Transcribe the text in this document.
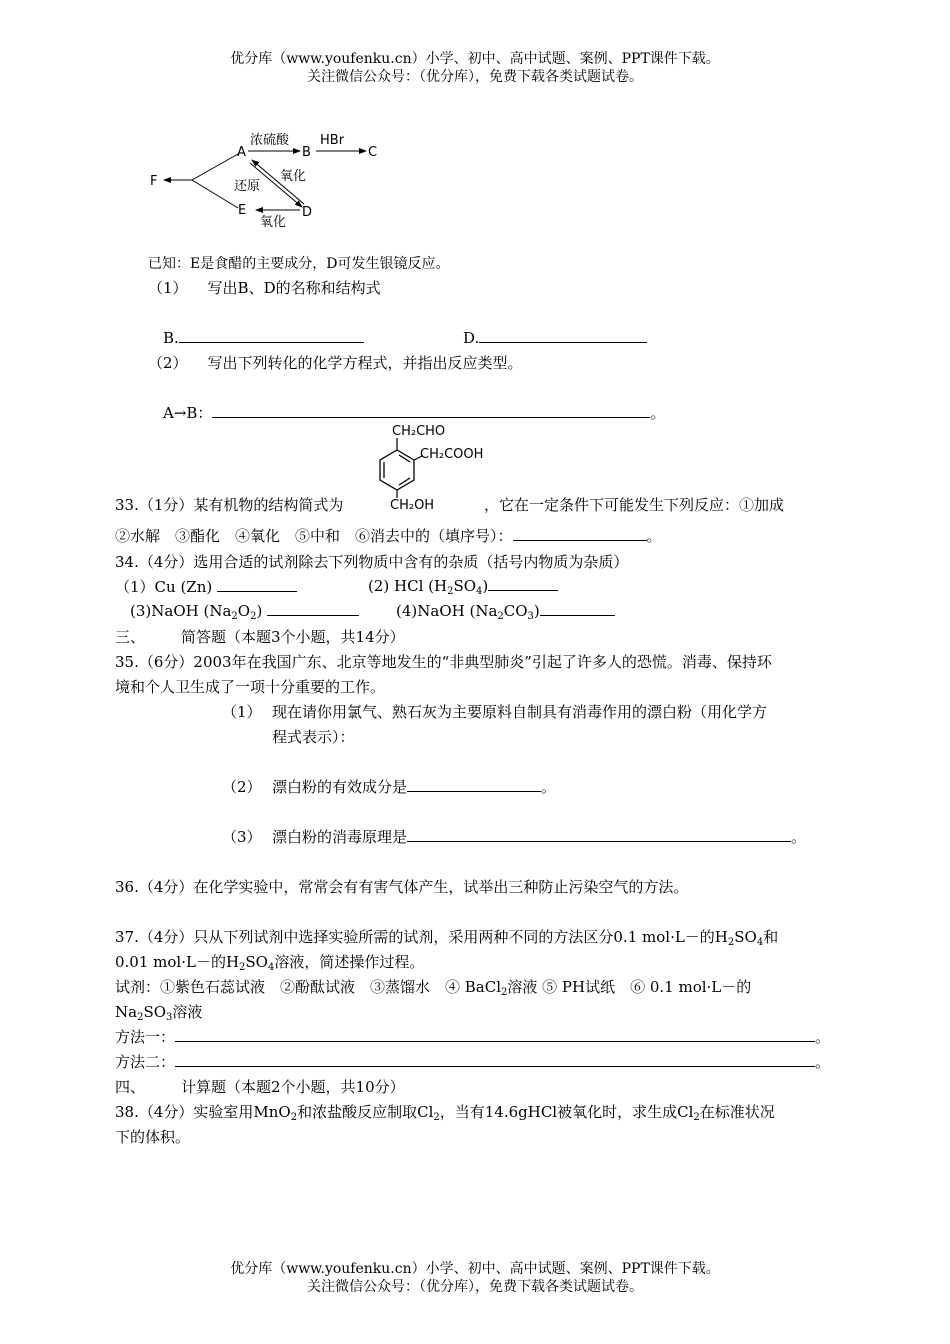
优分库（www.youfenku.cn）小学、初中、高中试题、案例、PPT课件下载。
关注微信公众号：（优分库），免费下载各类试题试卷。
A	B	C
D
E
F
浓硫酸 HBr
还原
氧化
氧化
已知：E是食醋的主要成分，D可发生银镜反应。
（1） 写出B、D的名称和结构式
B.	D.
（2） 写出下列转化的化学方程式，并指出反应类型。
A→B：	。
CH₂CHO
CH₂COOH
CH₂OH
33.（1分）某有机物的结构简式为	，它在一定条件下可能发生下列反应：①加成
②水解　③酯化　④氧化　⑤中和　⑥消去中的（填序号）：	。
34.（4分）选用合适的试剂除去下列物质中含有的杂质（括号内物质为杂质）
（1）Cu (Zn)	(2) HCl $(H_2SO_4)$
(3)NaOH $(Na_2O_2)$	(4)NaOH $(Na_2CO_3)$
三、 简答题（本题3个小题，共14分）
35.（6分）2003年在我国广东、北京等地发生的“非典型肺炎”引起了许多人的恐慌。消毒、保持环
境和个人卫生成了一项十分重要的工作。
（1） 现在请你用氯气、熟石灰为主要原料自制具有消毒作用的漂白粉（用化学方
程式表示）：
（2） 漂白粉的有效成分是	。
（3） 漂白粉的消毒原理是	。
36.（4分）在化学实验中，常常会有有害气体产生，试举出三种防止污染空气的方法。
37.（4分）只从下列试剂中选择实验所需的试剂，采用两种不同的方法区分0.1 mol·L－的$H_2SO_4$和
0.01 mol·L－的$H_2SO_4$溶液，简述操作过程。
试剂：①紫色石蕊试液　②酚酞试液　③蒸馏水　④ BaCl$_2$溶液 ⑤ PH试纸　⑥ 0.1 mol·L－的
$Na_2SO_3$溶液
方法一：	。
方法二：	。
四、 计算题（本题2个小题，共10分）
38.（4分）实验室用MnO$_2$和浓盐酸反应制取$Cl_2$，当有14.6gHCl被氧化时，求生成$Cl_2$在标准状况
下的体积。
优分库（www.youfenku.cn）小学、初中、高中试题、案例、PPT课件下载。
关注微信公众号：（优分库），免费下载各类试题试卷。
